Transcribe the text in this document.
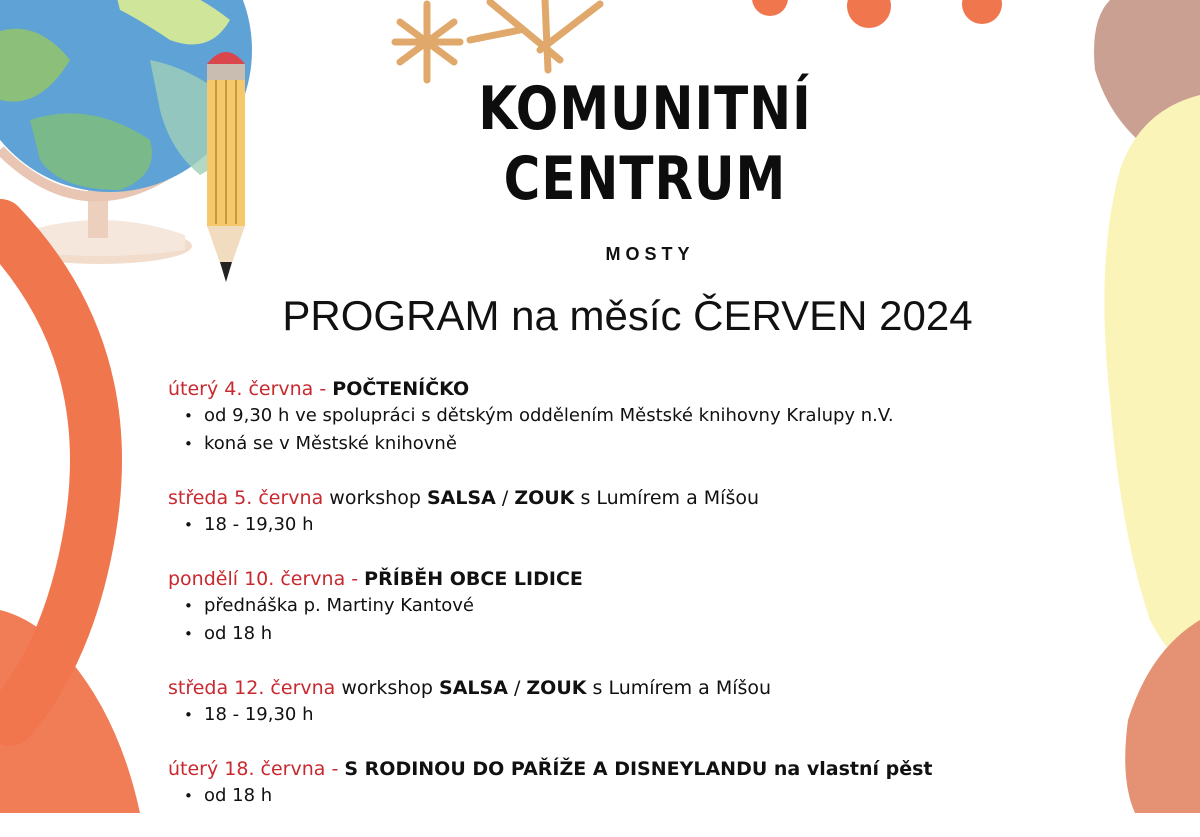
KOMUNITNÍ
CENTRUM
MOSTY
PROGRAM na měsíc ČERVEN 2024
úterý 4. června - POČTENÍČKO
• od 9,30 h ve spolupráci s dětským oddělením Městské knihovny Kralupy n.V.
• koná se v Městské knihovně
středa 5. června workshop SALSA / ZOUK s Lumírem a Míšou
• 18 - 19,30 h
pondělí 10. června - PŘÍBĚH OBCE LIDICE
• přednáška p. Martiny Kantové
• od 18 h
středa 12. června workshop SALSA / ZOUK s Lumírem a Míšou
• 18 - 19,30 h
úterý 18. června - S RODINOU DO PAŘÍŽE A DISNEYLANDU na vlastní pěst
• od 18 h
